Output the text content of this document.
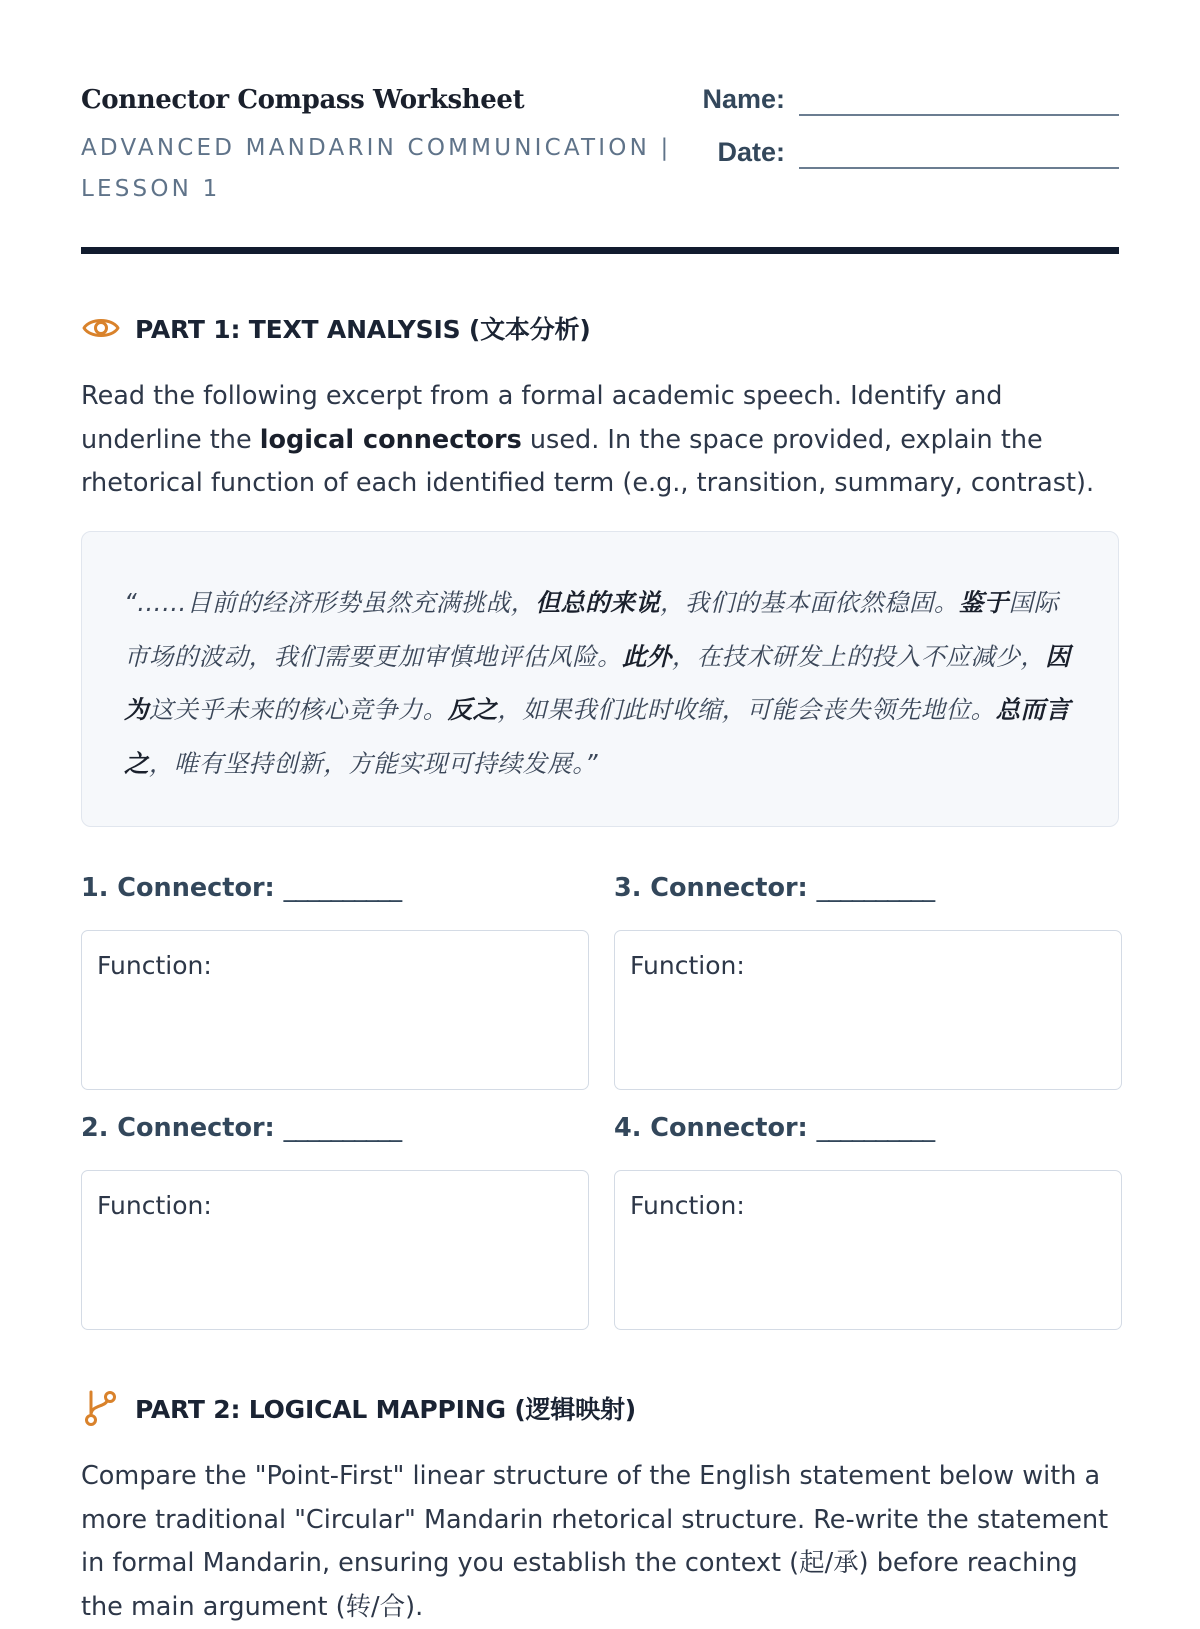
Connector Compass Worksheet
ADVANCED MANDARIN COMMUNICATION | LESSON 1
Name:
Date:
PART 1: TEXT ANALYSIS (文本分析)
Read the following excerpt from a formal academic speech. Identify and underline the logical connectors used. In the space provided, explain the rhetorical function of each identified term (e.g., transition, summary, contrast).
“……目前的经济形势虽然充满挑战，但总的来说，我们的基本面依然稳固。鉴于国际市场的波动，我们需要更加审慎地评估风险。此外，在技术研发上的投入不应减少，因为这关乎未来的核心竞争力。反之，如果我们此时收缩，可能会丧失领先地位。总而言之，唯有坚持创新，方能实现可持续发展。”
1. Connector: __________
Function:
3. Connector: __________
Function:
2. Connector: __________
Function:
4. Connector: __________
Function:
PART 2: LOGICAL MAPPING (逻辑映射)
Compare the "Point-First" linear structure of the English statement below with a more traditional "Circular" Mandarin rhetorical structure. Re-write the statement in formal Mandarin, ensuring you establish the context (起/承) before reaching the main argument (转/合).
